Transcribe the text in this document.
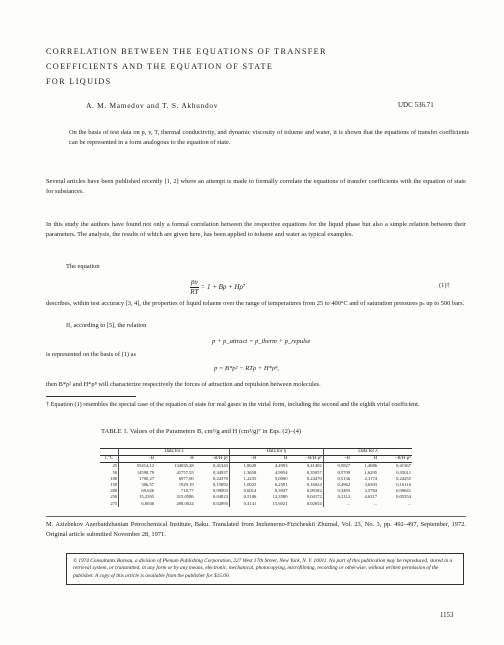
CORRELATION BETWEEN THE EQUATIONS OF TRANSFER
COEFFICIENTS AND THE EQUATION OF STATE
FOR LIQUIDS
A. M. Mamedov and T. S. Akhundov	UDC 536.71
On the basis of test data on p, v, T, thermal conductivity, and dynamic viscosity of toluene and water, it is shown that the equations of transfer coefficients can be represented in a form analogous to the equation of state.
Several articles have been published recently [1, 2] where an attempt is made to formally correlate the equations of transfer coefficients with the equation of state for substances.
In this study the authors have found not only a formal correlation between the respective equations for the liquid phase but also a simple relation between their parameters. The analysis, the results of which are given here, has been applied to toluene and water as typical examples.
The equation
$\frac{p\upsilon}{RT} = 1 + B\rho + H\rho^7$	(1)†
describes, within test accuracy [3, 4], the properties of liquid toluene over the range of temperatures from 25 to 400°C and of saturation pressures pₛ up to 500 bars.
If, according to [5], the relation
p + p_attract = p_therm + p_repulse
is represented on the basis of (1) as
p = B*ρ² − RTρ + H*ρ⁸,
then B*ρ² and H*ρ⁸ will characterize respectively the forces of attraction and repulsion between molecules.
† Equation (1) resembles the special case of the equation of state for real gases in the virial form, including the second and the eighth virial coefficient.
TABLE 1. Values of the Parameters B, cm³/g and H (cm³/g)⁷ in Eqs. (2)–(4)
	Data for z			Data for η			Data for λ		
t,°C	−B	H	−B/H·ρ⁶	−B	H	−B/H·ρ⁶	−B	H	−B/H·ρ⁶
25	55414,12	134035,28	0,41343	1,8628	4,4993	0,41402	0,5827	1,4086	0,41367
50	14598,79	41757,55	0,34937	1,3658	4,9954	0,35057	0,5709	1,6295	0,35011
100	1700,27	6977,00	0,24370	1,2235	5,0000	0,24470	0,5136	2,1174	0,24255
150	306,57	1929,19	0,15892	1,0025	6,2581	0,16024	0,4962	3,6303	0,16116
200	69,626	718,77	0,09003	0,6014	8,3947	0,09182	0,3495	3,5784	0,09641
250	15,2395	315,0586	0,04823	0,5186	12,3580	0,04172	0,2112	4,6317	0,05554
275	6,0046	208,0024	0,02893	0,4141	15,6021	0,02654	...	...	...
M. Azizbekov Azerbaidzhanian Petrochemical Institute, Baku. Translated from Inzhenerno-Fizicheskii Zhurnal, Vol. 23, No. 3, pp. 492–497, September, 1972. Original article submitted November 28, 1971.
© 1974 Consultants Bureau, a division of Plenum Publishing Corporation, 227 West 17th Street, New York, N. Y. 10011. No part of this publication may be reproduced, stored in a retrieval system, or transmitted, in any form or by any means, electronic, mechanical, photocopying, microfilming, recording or otherwise, without written permission of the publisher. A copy of this article is available from the publisher for $15.00.
1153
